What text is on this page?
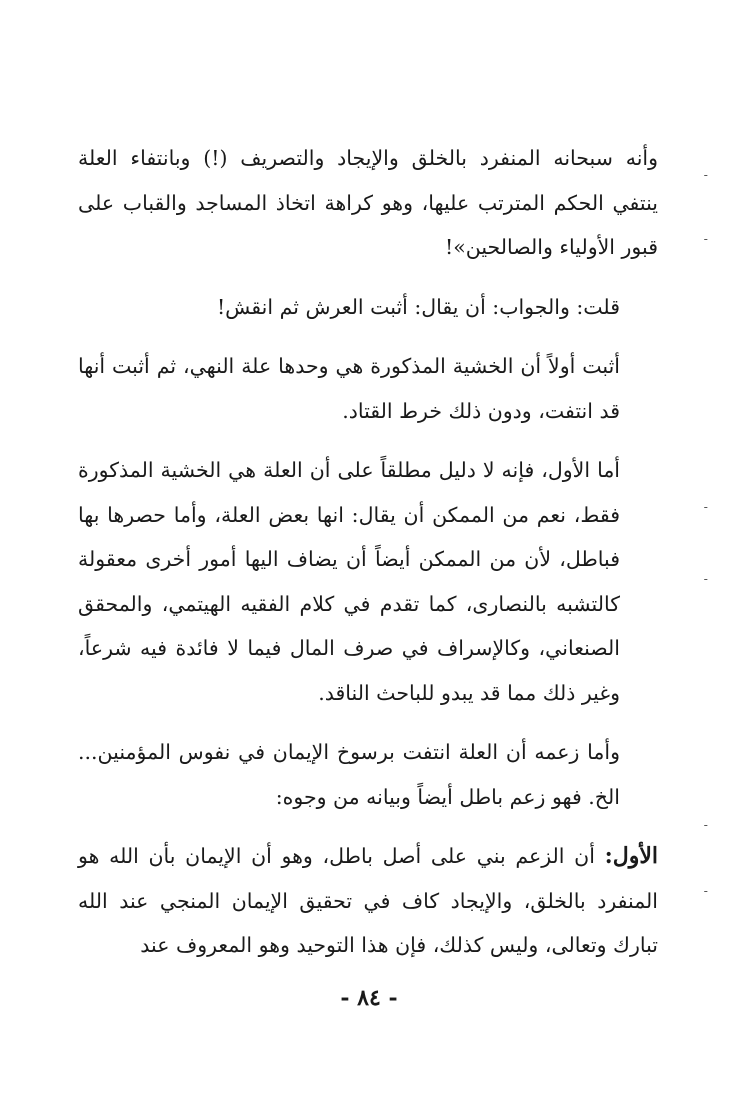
وأنه سبحانه المنفرد بالخلق والإيجاد والتصريف (!) وبانتفاء العلة ينتفي الحكم المترتب عليها، وهو كراهة اتخاذ المساجد والقباب على قبور الأولياء والصالحين»!

قلت: والجواب: أن يقال: أثبت العرش ثم انقش!

أثبت أولاً أن الخشية المذكورة هي وحدها علة النهي، ثم أثبت أنها قد انتفت، ودون ذلك خرط القتاد.

أما الأول، فإنه لا دليل مطلقاً على أن العلة هي الخشية المذكورة فقط، نعم من الممكن أن يقال: انها بعض العلة، وأما حصرها بها فباطل، لأن من الممكن أيضاً أن يضاف اليها أمور أخرى معقولة كالتشبه بالنصارى، كما تقدم في كلام الفقيه الهيتمي، والمحقق الصنعاني، وكالإسراف في صرف المال فيما لا فائدة فيه شرعاً، وغير ذلك مما قد يبدو للباحث الناقد.

وأما زعمه أن العلة انتفت برسوخ الإيمان في نفوس المؤمنين... الخ. فهو زعم باطل أيضاً وبيانه من وجوه:

الأول: أن الزعم بني على أصل باطل، وهو أن الإيمان بأن الله هو المنفرد بالخلق، والإيجاد كاف في تحقيق الإيمان المنجي عند الله تبارك وتعالى، وليس كذلك، فإن هذا التوحيد وهو المعروف عند

- ٨٤ -
-
-
-
-
-
-
